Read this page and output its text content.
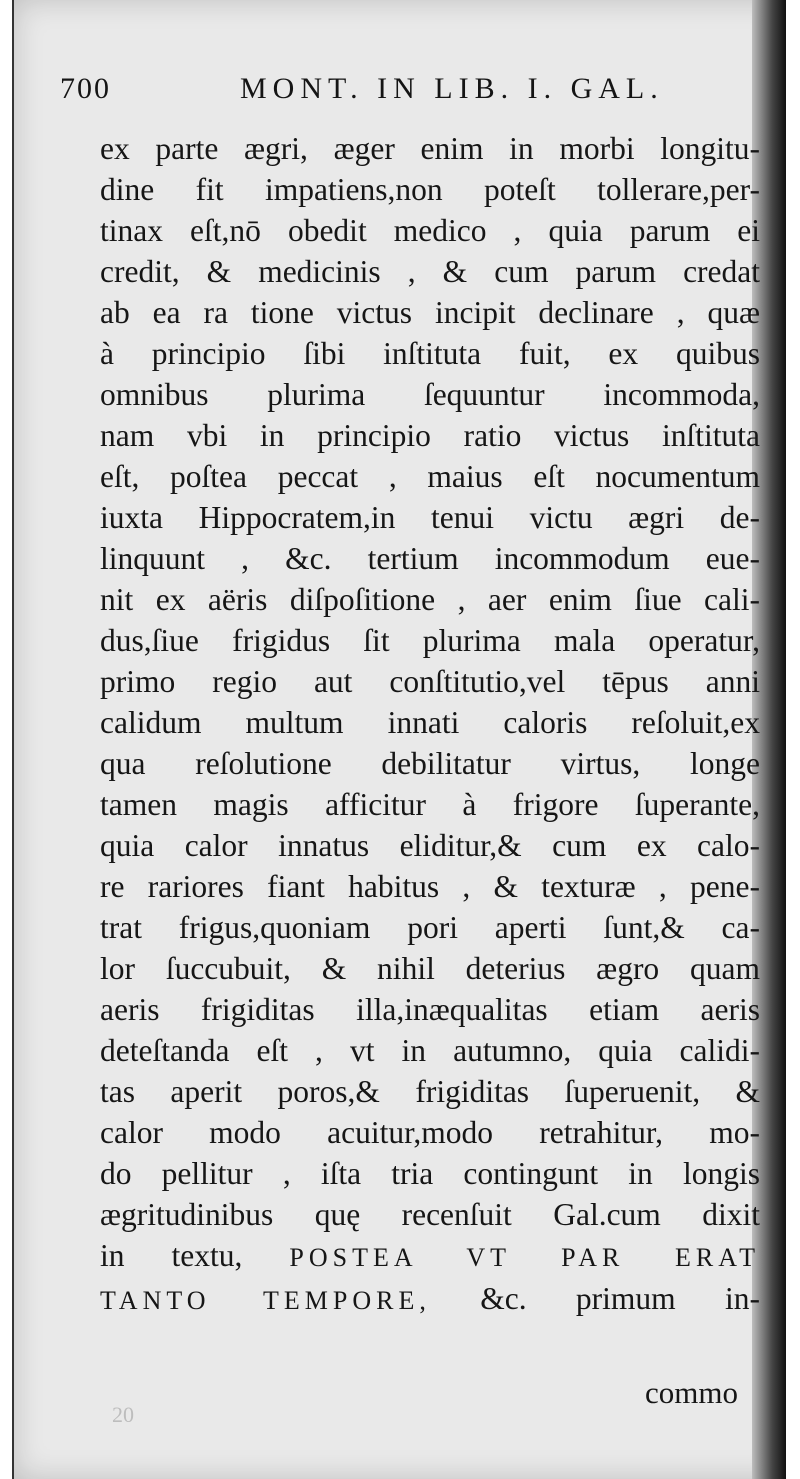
700	MONT. IN LIB. I. GAL.
ex parte ægri, æger enim in morbi longitu-
dine fit impatiens,non poteſt tollerare,per-
tinax eſt,nō obedit medico , quia parum ei
credit, & medicinis , & cum parum credat
ab ea ra tione victus incipit declinare , quæ
à principio ſibi inſtituta fuit, ex quibus
omnibus plurima ſequuntur incommoda,
nam vbi in principio ratio victus inſtituta
eſt, poſtea peccat , maius eſt nocumentum
iuxta Hippocratem,in tenui victu ægri de-
linquunt , &c. tertium incommodum eue-
nit ex aëris diſpoſitione , aer enim ſiue cali-
dus,ſiue frigidus ſit plurima mala operatur,
primo regio aut conſtitutio,vel tēpus anni
calidum multum innati caloris reſoluit,ex
qua reſolutione debilitatur virtus, longe
tamen magis afficitur à frigore ſuperante,
quia calor innatus eliditur,& cum ex calo-
re rariores fiant habitus , & texturæ , pene-
trat frigus,quoniam pori aperti ſunt,& ca-
lor ſuccubuit, & nihil deterius ægro quam
aeris frigiditas illa,inæqualitas etiam aeris
deteſtanda eſt , vt in autumno, quia calidi-
tas aperit poros,& frigiditas ſuperuenit, &
calor modo acuitur,modo retrahitur, mo-
do pellitur , iſta tria contingunt in longis
ægritudinibus quę recenſuit Gal.cum dixit
in textu, POSTEA VT PAR ERAT
TANTO TEMPORE, &c. primum in-
commo
20
